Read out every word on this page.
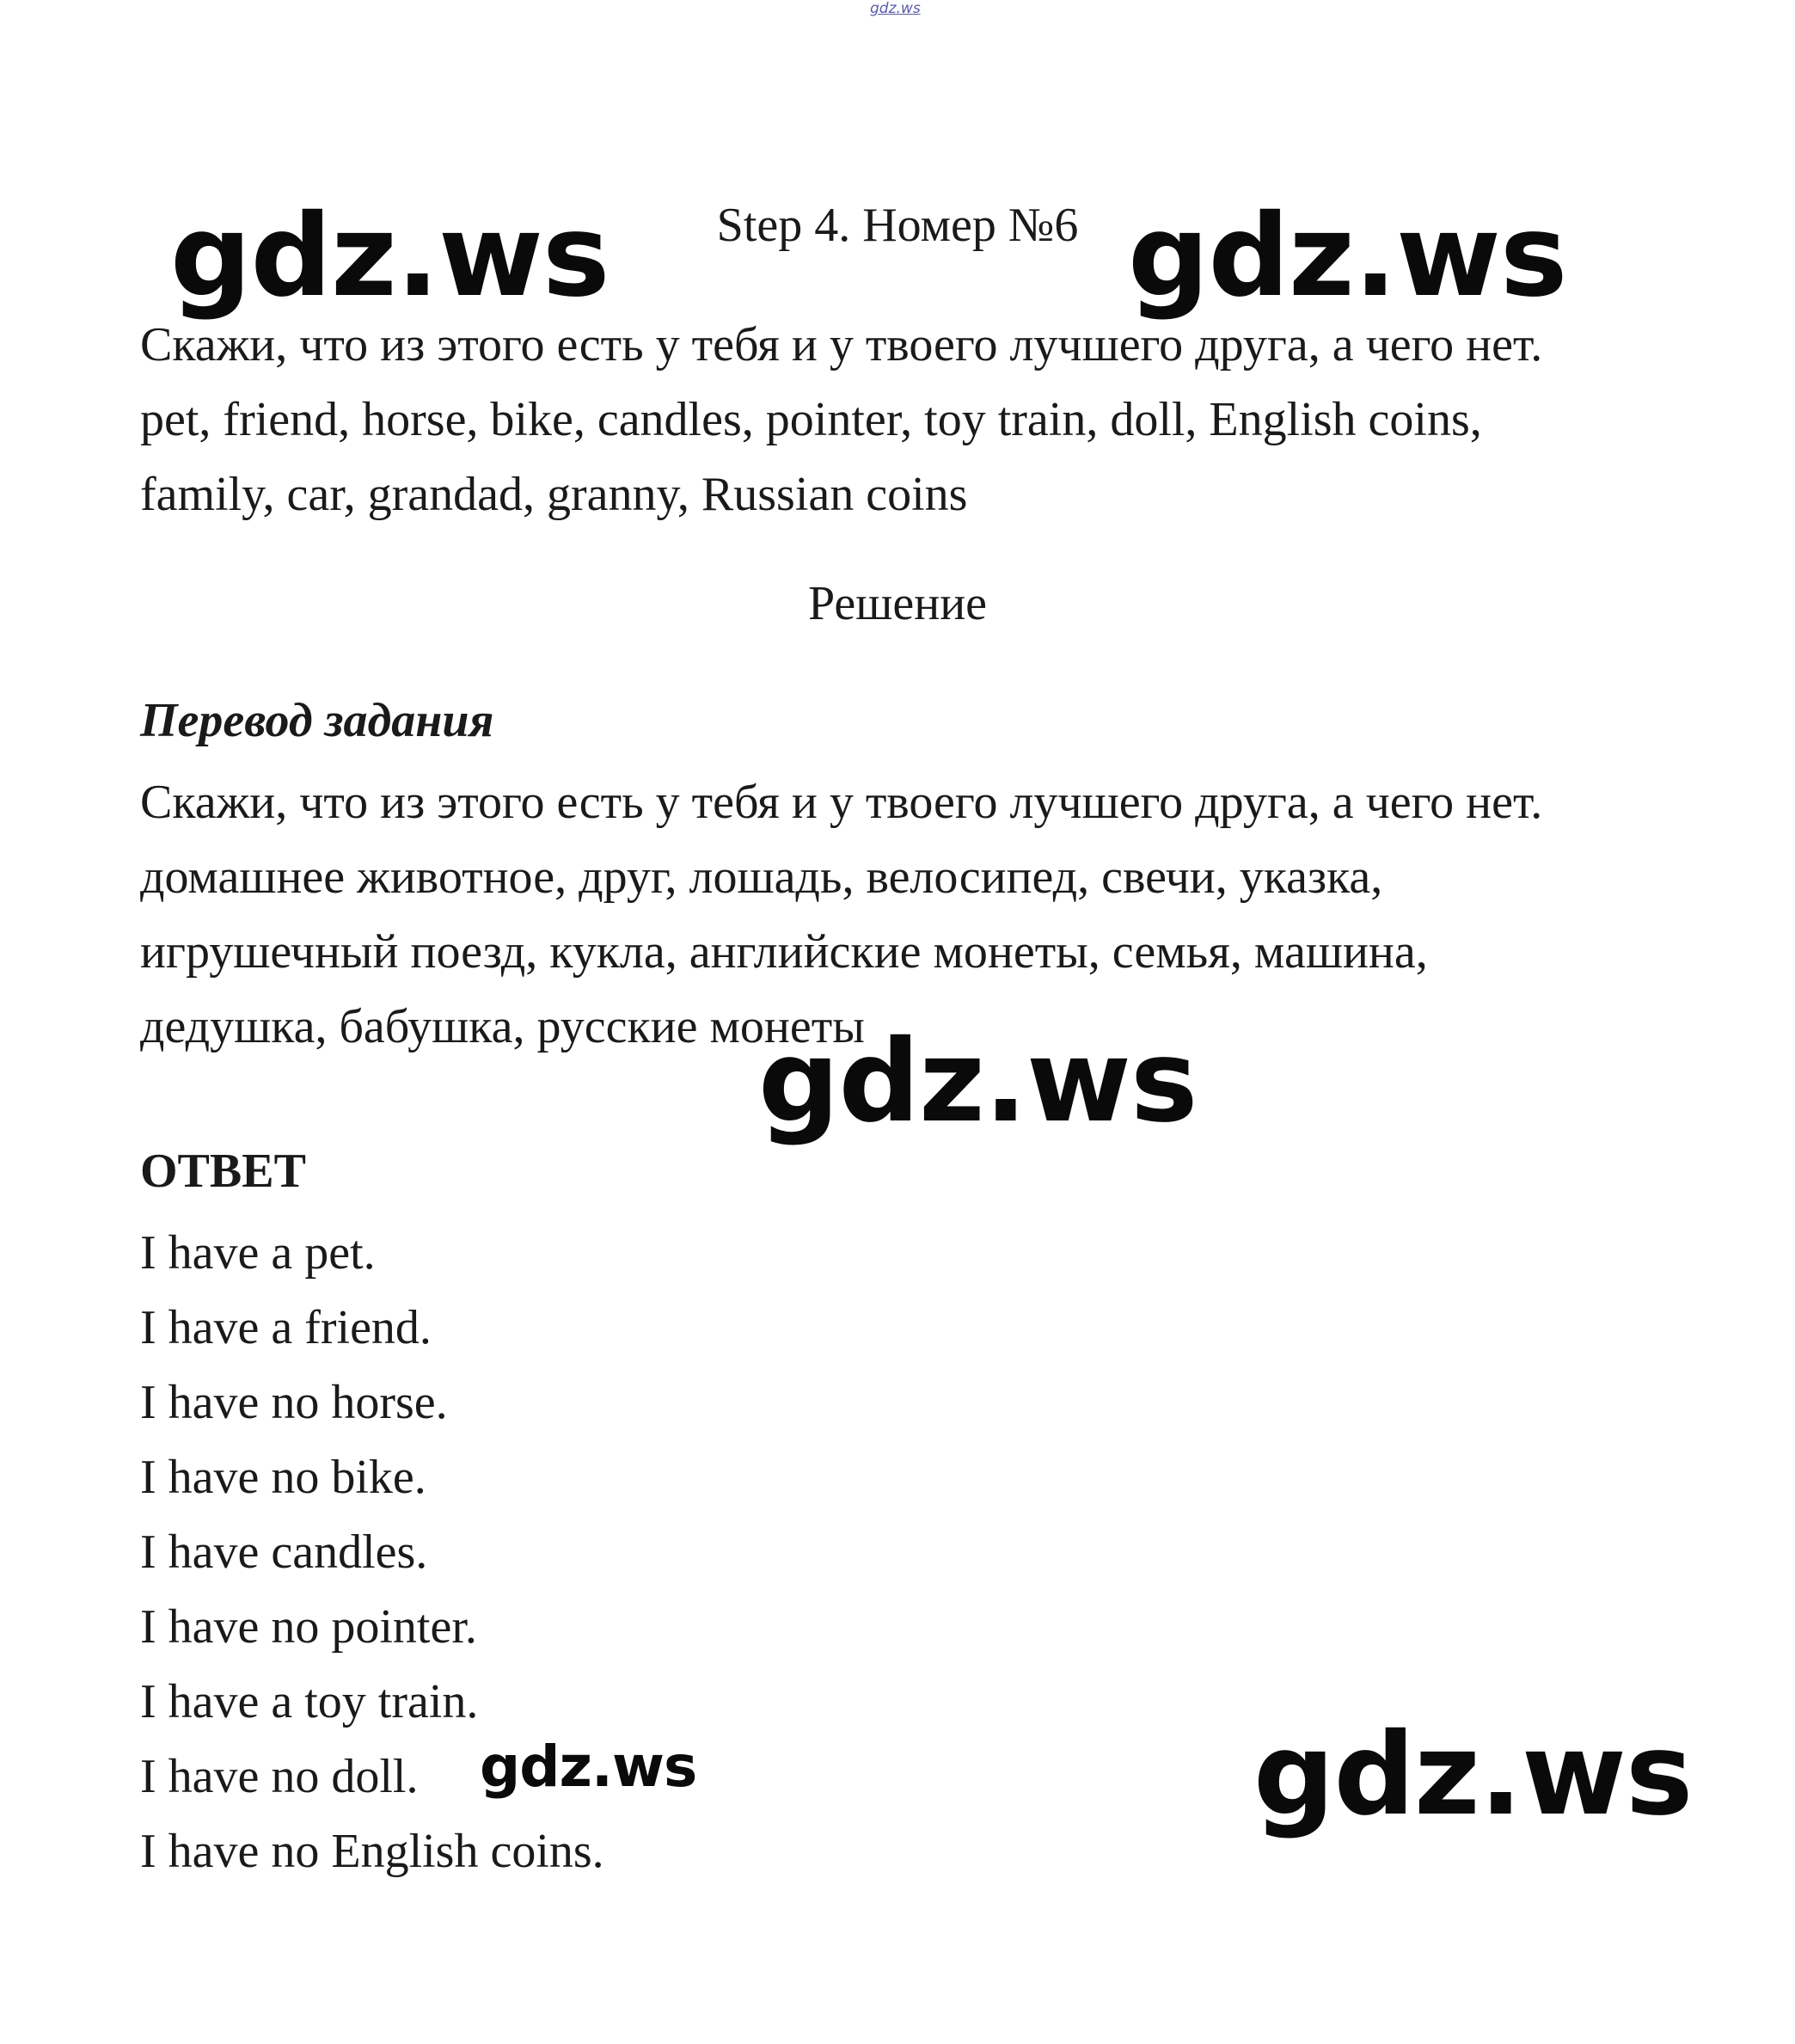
gdz.ws
Step 4. Номер №6
Скажи, что из этого есть у тебя и у твоего лучшего друга, а чего нет.
pet, friend, horse, bike, candles, pointer, toy train, doll, English coins,
family, car, grandad, granny, Russian coins
Решение
Перевод задания
Скажи, что из этого есть у тебя и у твоего лучшего друга, а чего нет.
домашнее животное, друг, лошадь, велосипед, свечи, указка,
игрушечный поезд, кукла, английские монеты, семья, машина,
дедушка, бабушка, русские монеты
ОТВЕТ
I have a pet.
I have a friend.
I have no horse.
I have no bike.
I have candles.
I have no pointer.
I have a toy train.
I have no doll.
I have no English coins.
gdz.ws	gdz.ws
gdz.ws
gdz.ws	gdz.ws
